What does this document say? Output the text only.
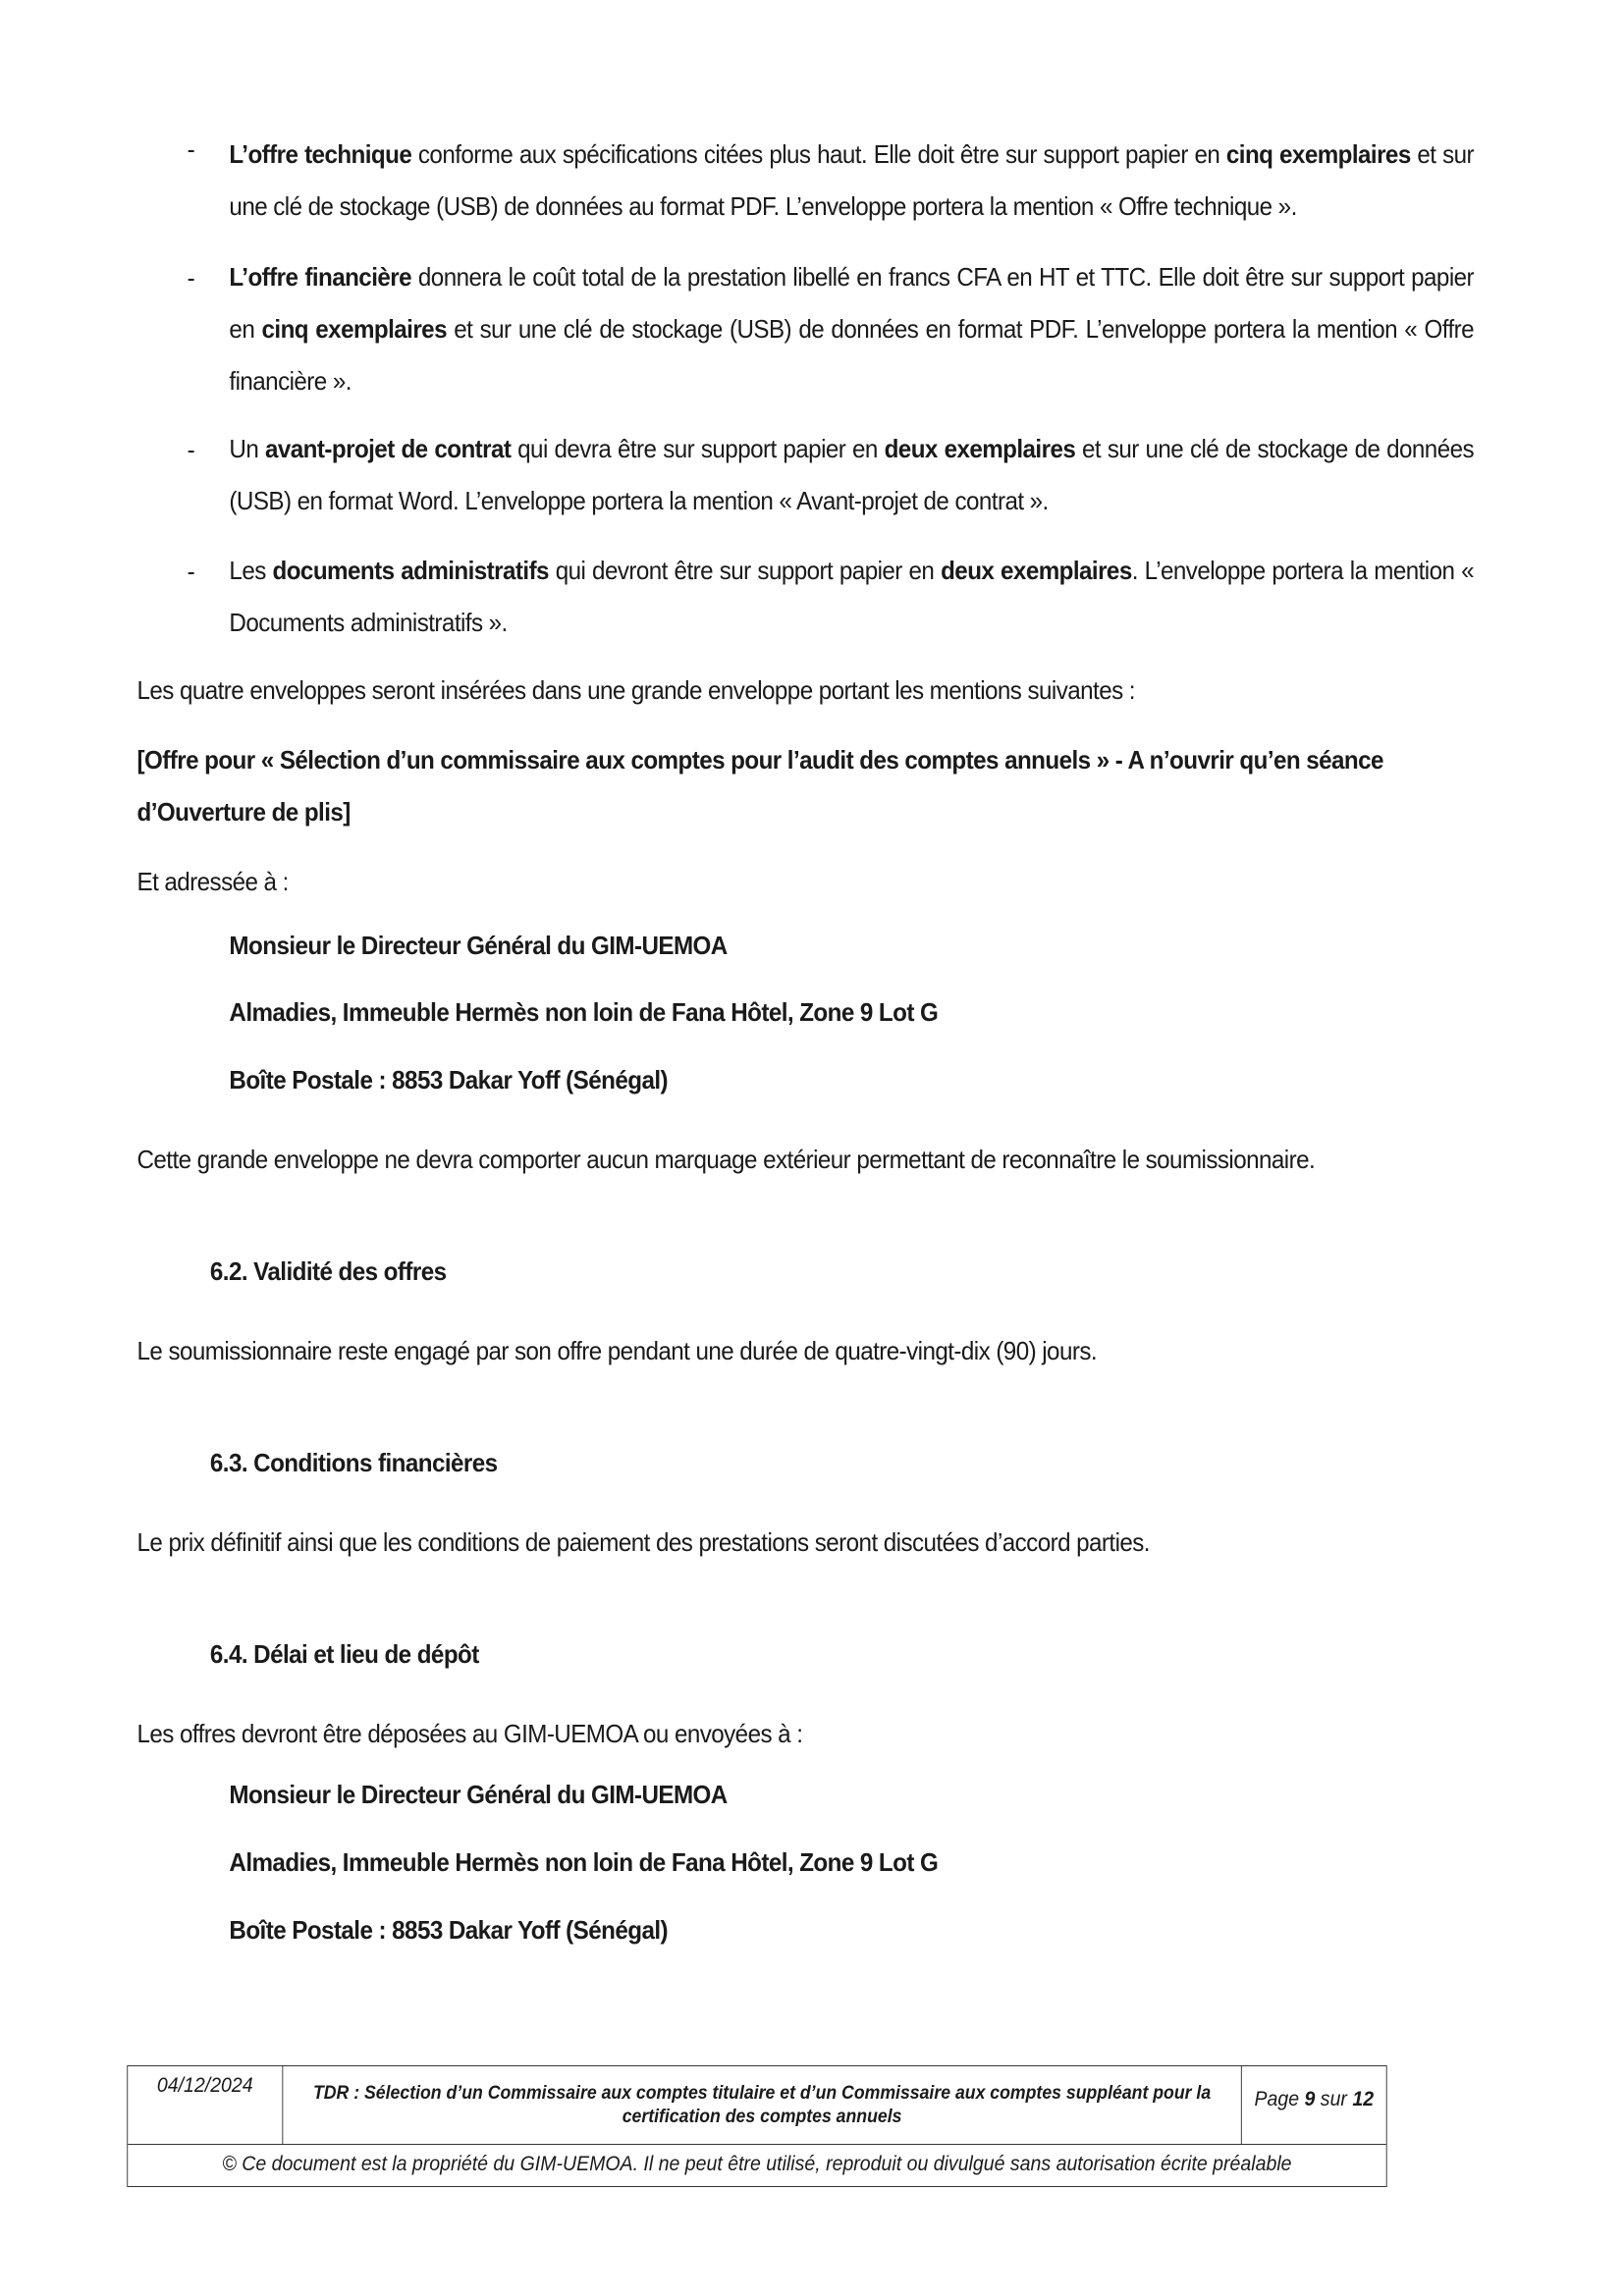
- L’offre technique conforme aux spécifications citées plus haut. Elle doit être sur support papier en cinq exemplaires et sur une clé de stockage (USB) de données au format PDF. L’enveloppe portera la mention « Offre technique ».
- L’offre financière donnera le coût total de la prestation libellé en francs CFA en HT et TTC. Elle doit être sur support papier en cinq exemplaires et sur une clé de stockage (USB) de données en format PDF. L’enveloppe portera la mention « Offre financière ».
- Un avant-projet de contrat qui devra être sur support papier en deux exemplaires et sur une clé de stockage de données (USB) en format Word. L’enveloppe portera la mention « Avant-projet de contrat ».
- Les documents administratifs qui devront être sur support papier en deux exemplaires. L’enveloppe portera la mention « Documents administratifs ».
Les quatre enveloppes seront insérées dans une grande enveloppe portant les mentions suivantes :
[Offre pour « Sélection d’un commissaire aux comptes pour l’audit des comptes annuels » - A n’ouvrir qu’en séance
d’Ouverture de plis]
Et adressée à :
Monsieur le Directeur Général du GIM-UEMOA
Almadies, Immeuble Hermès non loin de Fana Hôtel, Zone 9 Lot G
Boîte Postale : 8853 Dakar Yoff (Sénégal)
Cette grande enveloppe ne devra comporter aucun marquage extérieur permettant de reconnaître le soumissionnaire.
6.2. Validité des offres
Le soumissionnaire reste engagé par son offre pendant une durée de quatre-vingt-dix (90) jours.
6.3. Conditions financières
Le prix définitif ainsi que les conditions de paiement des prestations seront discutées d’accord parties.
6.4. Délai et lieu de dépôt
Les offres devront être déposées au GIM-UEMOA ou envoyées à :
Monsieur le Directeur Général du GIM-UEMOA
Almadies, Immeuble Hermès non loin de Fana Hôtel, Zone 9 Lot G
Boîte Postale : 8853 Dakar Yoff (Sénégal)
04/12/2024	TDR : Sélection d’un Commissaire aux comptes titulaire et d’un Commissaire aux comptes suppléant pour la
certification des comptes annuels
Page 9 sur 12
© Ce document est la propriété du GIM-UEMOA. Il ne peut être utilisé, reproduit ou divulgué sans autorisation écrite préalable
